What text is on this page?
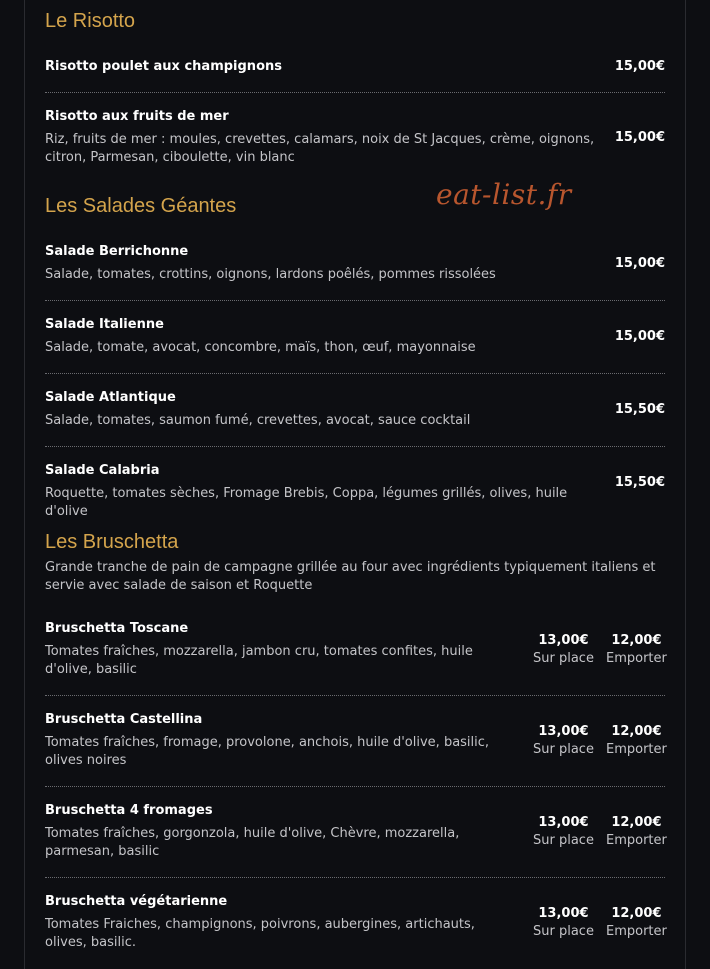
eat-list.fr
Le Risotto
Risotto poulet aux champignons	15,00€
Risotto aux fruits de mer
Riz, fruits de mer : moules, crevettes, calamars, noix de St Jacques, crème, oignons, citron, Parmesan, ciboulette, vin blanc
15,00€
Les Salades Géantes
Salade Berrichonne
Salade, tomates, crottins, oignons, lardons poêlés, pommes rissolées
15,00€
Salade Italienne
Salade, tomate, avocat, concombre, maïs, thon, œuf, mayonnaise
15,00€
Salade Atlantique
Salade, tomates, saumon fumé, crevettes, avocat, sauce cocktail
15,50€
Salade Calabria
Roquette, tomates sèches, Fromage Brebis, Coppa, légumes grillés, olives, huile d'olive
15,50€
Les Bruschetta
Grande tranche de pain de campagne grillée au four avec ingrédients typiquement italiens et servie avec salade de saison et Roquette
Bruschetta Toscane
Tomates fraîches, mozzarella, jambon cru, tomates confites, huile d'olive, basilic
13,00€
Sur place
12,00€
Emporter
Bruschetta Castellina
Tomates fraîches, fromage, provolone, anchois, huile d'olive, basilic, olives noires
13,00€
Sur place
12,00€
Emporter
Bruschetta 4 fromages
Tomates fraîches, gorgonzola, huile d'olive, Chèvre, mozzarella, parmesan, basilic
13,00€
Sur place
12,00€
Emporter
Bruschetta végétarienne
Tomates Fraiches, champignons, poivrons, aubergines, artichauts, olives, basilic.
13,00€
Sur place
12,00€
Emporter
